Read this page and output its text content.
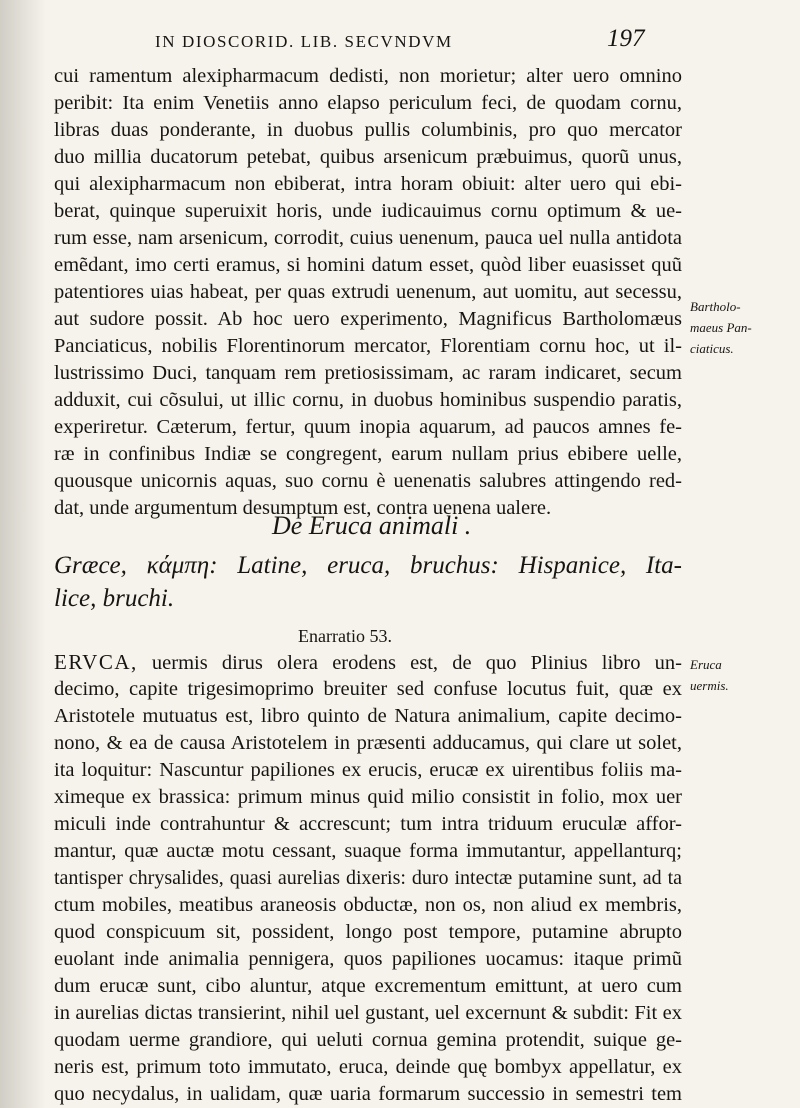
IN DIOSCORID. LIB. SECVNDVM	197
cui ramentum alexipharmacum dedisti, non morietur; alter uero omnino
peribit: Ita enim Venetiis anno elapso periculum feci, de quodam cornu,
libras duas ponderante, in duobus pullis columbinis, pro quo mercator
duo millia ducatorum petebat, quibus arsenicum præbuimus, quorũ unus,
qui alexipharmacum non ebiberat, intra horam obiuit: alter uero qui ebi-
berat, quinque superuixit horis, unde iudicauimus cornu optimum & ue-
rum esse, nam arsenicum, corrodit, cuius uenenum, pauca uel nulla antidota
emẽdant, imo certi eramus, si homini datum esset, quòd liber euasisset quũ
patentiores uias habeat, per quas extrudi uenenum, aut uomitu, aut secessu,
aut sudore possit. Ab hoc uero experimento, Magnificus Bartholomæus
Panciaticus, nobilis Florentinorum mercator, Florentiam cornu hoc, ut il-
lustrissimo Duci, tanquam rem pretiosissimam, ac raram indicaret, secum
adduxit, cui cõsului, ut illic cornu, in duobus hominibus suspendio paratis,
experiretur. Cæterum, fertur, quum inopia aquarum, ad paucos amnes fe-
ræ in confinibus Indiæ se congregent, earum nullam prius ebibere uelle,
quousque unicornis aquas, suo cornu è uenenatis salubres attingendo red-
dat, unde argumentum desumptum est, contra uenena ualere.
Bartholo-
maeus Pan-
ciaticus.
De Eruca animali .
Græce, κάμπη: Latine, eruca, bruchus: Hispanice, Ita-
lice, bruchi.
Enarratio 53.
ERVCA, uermis dirus olera erodens est, de quo Plinius libro un-
decimo, capite trigesimoprimo breuiter sed confuse locutus fuit, quæ ex
Aristotele mutuatus est, libro quinto de Natura animalium, capite decimo-
nono, & ea de causa Aristotelem in præsenti adducamus, qui clare ut solet,
ita loquitur: Nascuntur papiliones ex erucis, erucæ ex uirentibus foliis ma-
ximeque ex brassica: primum minus quid milio consistit in folio, mox uer
miculi inde contrahuntur & accrescunt; tum intra triduum eruculæ affor-
mantur, quæ auctæ motu cessant, suaque forma immutantur, appellanturq;
tantisper chrysalides, quasi aurelias dixeris: duro intectæ putamine sunt, ad ta
ctum mobiles, meatibus araneosis obductæ, non os, non aliud ex membris,
quod conspicuum sit, possident, longo post tempore, putamine abrupto
euolant inde animalia pennigera, quos papiliones uocamus: itaque primũ
dum erucæ sunt, cibo aluntur, atque excrementum emittunt, at uero cum
in aurelias dictas transierint, nihil uel gustant, uel excernunt & subdit: Fit ex
quodam uerme grandiore, qui ueluti cornua gemina protendit, suique ge-
neris est, primum toto immutato, eruca, deinde quę bombyx appellatur, ex
quo necydalus, in ualidam, quæ uaria formarum successio in semestri tem
Eruca
uermis.
